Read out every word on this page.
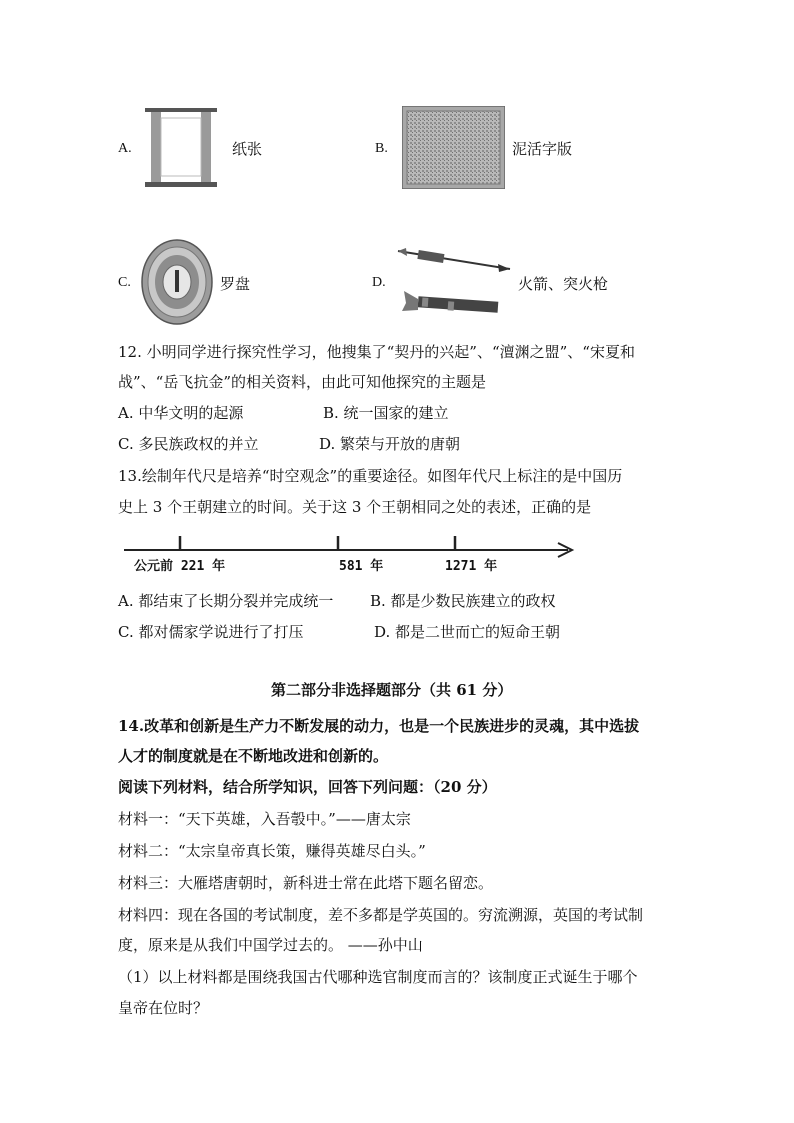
A.	纸张	B.	泥活字版
C.	罗盘	D.	火箭、突火枪
12. 小明同学进行探究性学习，他搜集了“契丹的兴起”、“澶渊之盟”、“宋夏和
战”、“岳飞抗金”的相关资料，由此可知他探究的主题是
A. 中华文明的起源	B. 统一国家的建立
C. 多民族政权的并立	D. 繁荣与开放的唐朝
13.绘制年代尺是培养“时空观念”的重要途径。如图年代尺上标注的是中国历
史上 3 个王朝建立的时间。关于这 3 个王朝相同之处的表述，正确的是
公元前 221 年	581 年	1271 年
A. 都结束了长期分裂并完成统一 B. 都是少数民族建立的政权
C. 都对儒家学说进行了打压	D. 都是二世而亡的短命王朝
第二部分非选择题部分（共 61 分）
14.改革和创新是生产力不断发展的动力，也是一个民族进步的灵魂，其中选拔
人才的制度就是在不断地改进和创新的。
阅读下列材料，结合所学知识，回答下列问题：（20 分）
材料一：“天下英雄，入吾彀中。”——唐太宗
材料二：“太宗皇帝真长策，赚得英雄尽白头。”
材料三：大雁塔唐朝时，新科进士常在此塔下题名留恋。
材料四：现在各国的考试制度，差不多都是学英国的。穷流溯源，英国的考试制
度，原来是从我们中国学过去的。 ——孙中山
（1）以上材料都是围绕我国古代哪种选官制度而言的？该制度正式诞生于哪个
皇帝在位时？
